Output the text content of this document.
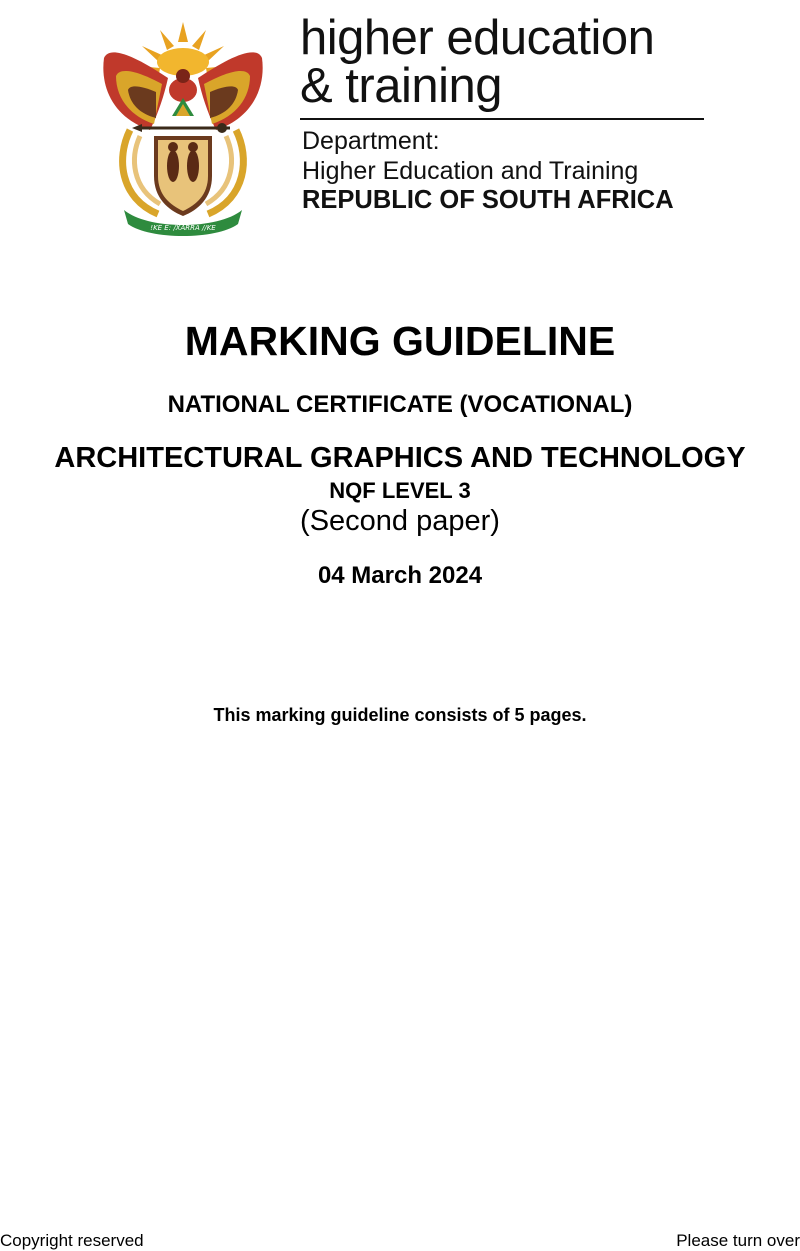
!KE E: /XARRA //KE
higher education
& training
Department:
Higher Education and Training
REPUBLIC OF SOUTH AFRICA
MARKING GUIDELINE
NATIONAL CERTIFICATE (VOCATIONAL)
ARCHITECTURAL GRAPHICS AND TECHNOLOGY
NQF LEVEL 3
(Second paper)
04 March 2024
This marking guideline consists of 5 pages.
Copyright reserved	Please turn over
